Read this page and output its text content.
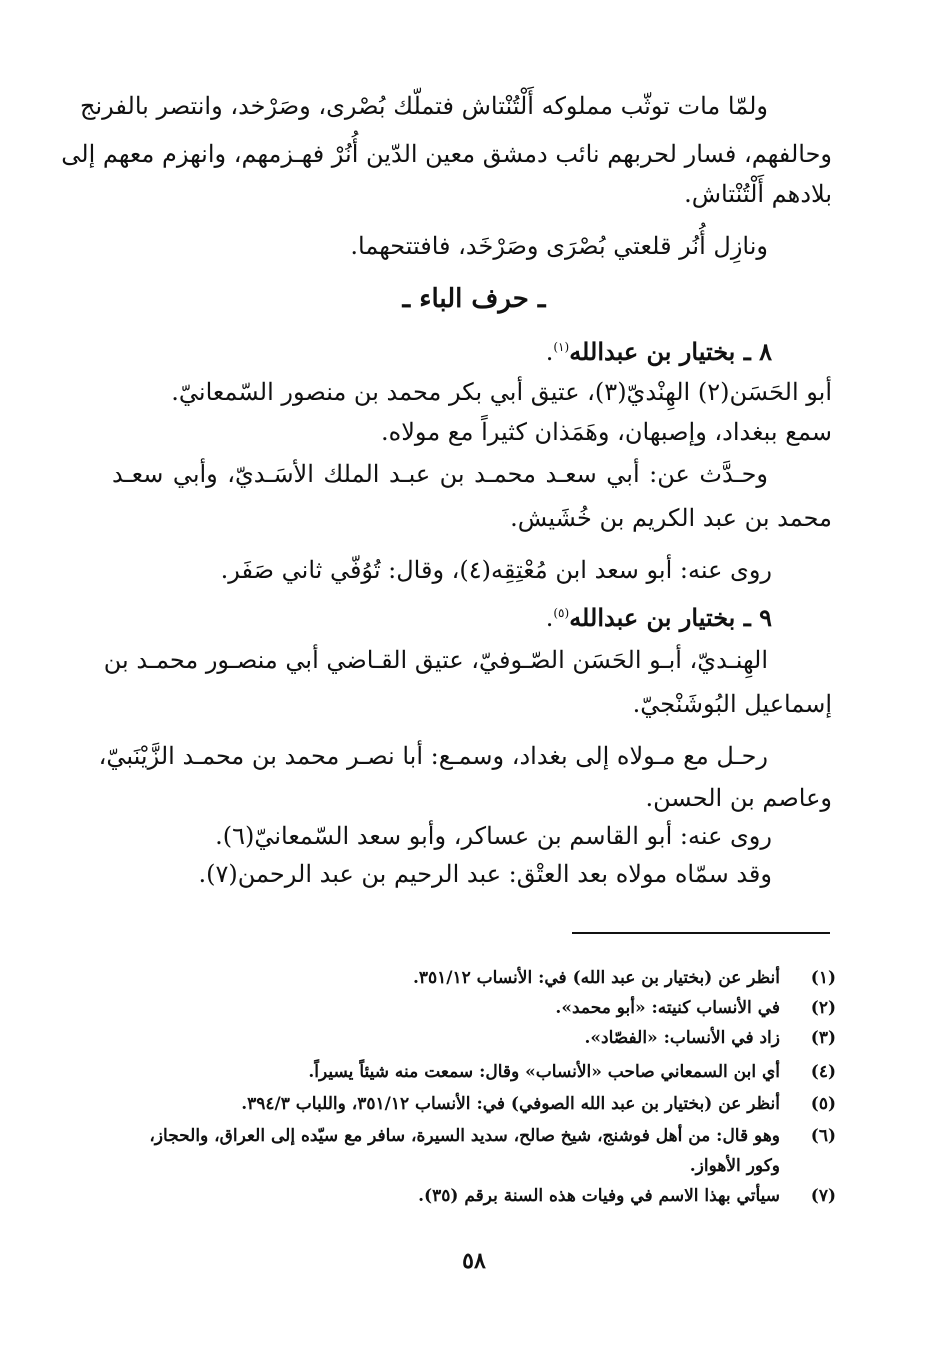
ولمّا مات توثّب مملوكه أَلْتُنْتاش فتملّك بُصْرى، وصَرْخد، وانتصر بالفرنج

وحالفهم، فسار لحربهم نائب دمشق معين الدّين أُنُرْ فهـزمهم، وانهزم معهم إلى

بلادهم أَلْتُنْتاش.

ونازِل أُنُر قلعتي بُصْرَى وصَرْخَد، فافتتحهما.

ـ حرف الباء ـ

٨ ـ بختيار بن عبدالله$^{(١)}$.

أبو الحَسَن(٢) الهِنْديّ(٣)، عتيق أبي بكر محمد بن منصور السّمعانيّ.

سمع ببغداد، وإصبهان، وهَمَذان كثيراً مع مولاه.

وحـدَّث عن: أبي سعـد محمـد بن عبـد الملك الأسَـديّ، وأبي سعـد

محمد بن عبد الكريم بن خُشَيش.

روى عنه: أبو سعد ابن مُعْتِقِه(٤)، وقال: تُوُفّي ثاني صَفَر.

٩ ـ بختيار بن عبدالله$^{(٥)}$.

الهِنـديّ، أبـو الحَسَن الصّـوفيّ، عتيق القـاضي أبي منصـور محمـد بن

إسماعيل البُوشَنْجيّ.

رحـل مع مـولاه إلى بغداد، وسمـع: أبا نصـر محمد بن محمـد الزَّيْنَبيّ،

وعاصم بن الحسن.

روى عنه: أبو القاسم بن عساكر، وأبو سعد السّمعانيّ(٦).

وقد سمّاه مولاه بعد العتْق: عبد الرحيم بن عبد الرحمن(٧).

(١)
أنظر عن (بختيار بن عبد الله) في: الأنساب ٣٥١/١٢.
(٢)
في الأنساب كنيته: «أبو محمد».
(٣)
زاد في الأنساب: «الفصّاد».
(٤)
أي ابن السمعاني صاحب «الأنساب» وقال: سمعت منه شيئاً يسيراً.
(٥)
أنظر عن (بختيار بن عبد الله الصوفي) في: الأنساب ٣٥١/١٢، واللباب ٣٩٤/٣.
(٦)
وهو قال: من أهل فوشنج، شيخ صالح، سديد السيرة، سافر مع سيّده إلى العراق، والحجاز،
وكور الأهواز.
(٧)
سيأتي بهذا الاسم في وفيات هذه السنة برقم (٣٥).
٥٨
